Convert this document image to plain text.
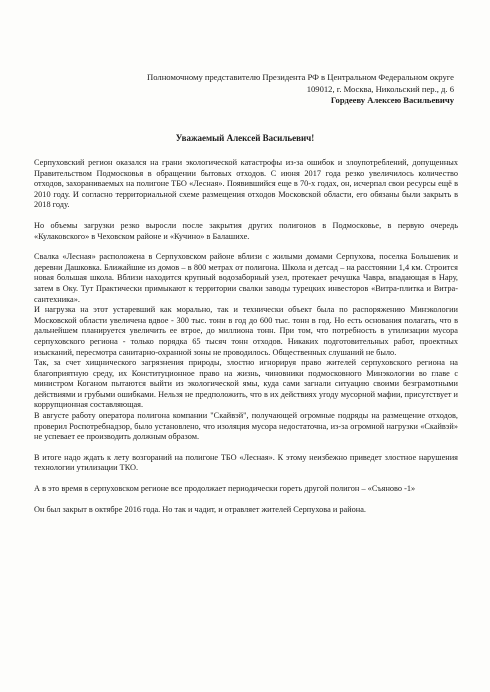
Полномочному представителю Президента РФ в Центральном Федеральном округе
109012, г. Москва, Никольский пер., д. 6
Гордееву Алексею Васильевичу
Уважаемый Алексей Васильевич!

Серпуховский регион оказался на грани экологической катастрофы из-за ошибок и злоупотреблений, допущенных Правительством Подмосковья в обращении бытовых отходов. С июня 2017 года резко увеличилось количество отходов, захораниваемых на полигоне ТБО «Лесная». Появившийся еще в 70-х годах, он, исчерпал свои ресурсы ещё в 2010 году. И согласно территориальной схеме размещения отходов Московской области, его обязаны были закрыть в 2018 году.

Но объемы загрузки резко выросли после закрытия других полигонов в Подмосковье, в первую очередь «Кулаковского» в Чеховском районе и «Кучино» в Балашихе.

Свалка «Лесная» расположена в Серпуховском районе вблизи с жилыми домами Серпухова, поселка Большевик и деревни Дашковка. Ближайшие из домов – в 800 метрах от полигона. Школа и детсад – на расстоянии 1,4 км. Строится новая большая школа. Вблизи находится крупный водозаборный узел, протекает речушка Чавра, впадающая в Нару, затем в Оку. Тут Практически примыкают к территории свалки заводы турецких инвесторов «Витра-плитка и Витра-сантехника».

И нагрузка на этот устаревший как морально, так и технически объект была по распоряжению Минэкологии Московской области увеличена вдвое - 300 тыс. тонн в год до 600 тыс. тонн в год. Но есть основания полагать, что в дальнейшем планируется увеличить ее втрое, до миллиона тонн. При том, что потребность в утилизации мусора серпуховского региона - только порядка 65 тысяч тонн отходов. Никаких подготовительных работ, проектных изысканий, пересмотра санитарно-охранной зоны не проводилось. Общественных слушаний не было.

Так, за счет хищнического загрязнения природы, злостно игнорируя право жителей серпуховского региона на благоприятную среду, их Конституционное право на жизнь, чиновники подмосковного Минэкологии во главе с министром Коганом пытаются выйти из экологической ямы, куда сами загнали ситуацию своими безграмотными действиями и грубыми ошибками. Нельзя не предположить, что в их действиях угоду мусорной мафии, присутствует и коррупционная составляющая.

В августе работу оператора полигона компании "Скайвэй", получающей огромные подряды на размещение отходов, проверил Роспотребнадзор, было установлено, что изоляция мусора недостаточна, из-за огромной нагрузки «Скайвэй» не успевает ее производить должным образом.

В итоге надо ждать к лету возгораний на полигоне ТБО «Лесная». К этому неизбежно приведет злостное нарушения технологии утилизации ТКО.

А в это время в серпуховском регионе все продолжает периодически гореть другой полигон – «Съяново -1»

Он был закрыт в октябре 2016 года. Но так и чадит, и отравляет жителей Серпухова и района.
